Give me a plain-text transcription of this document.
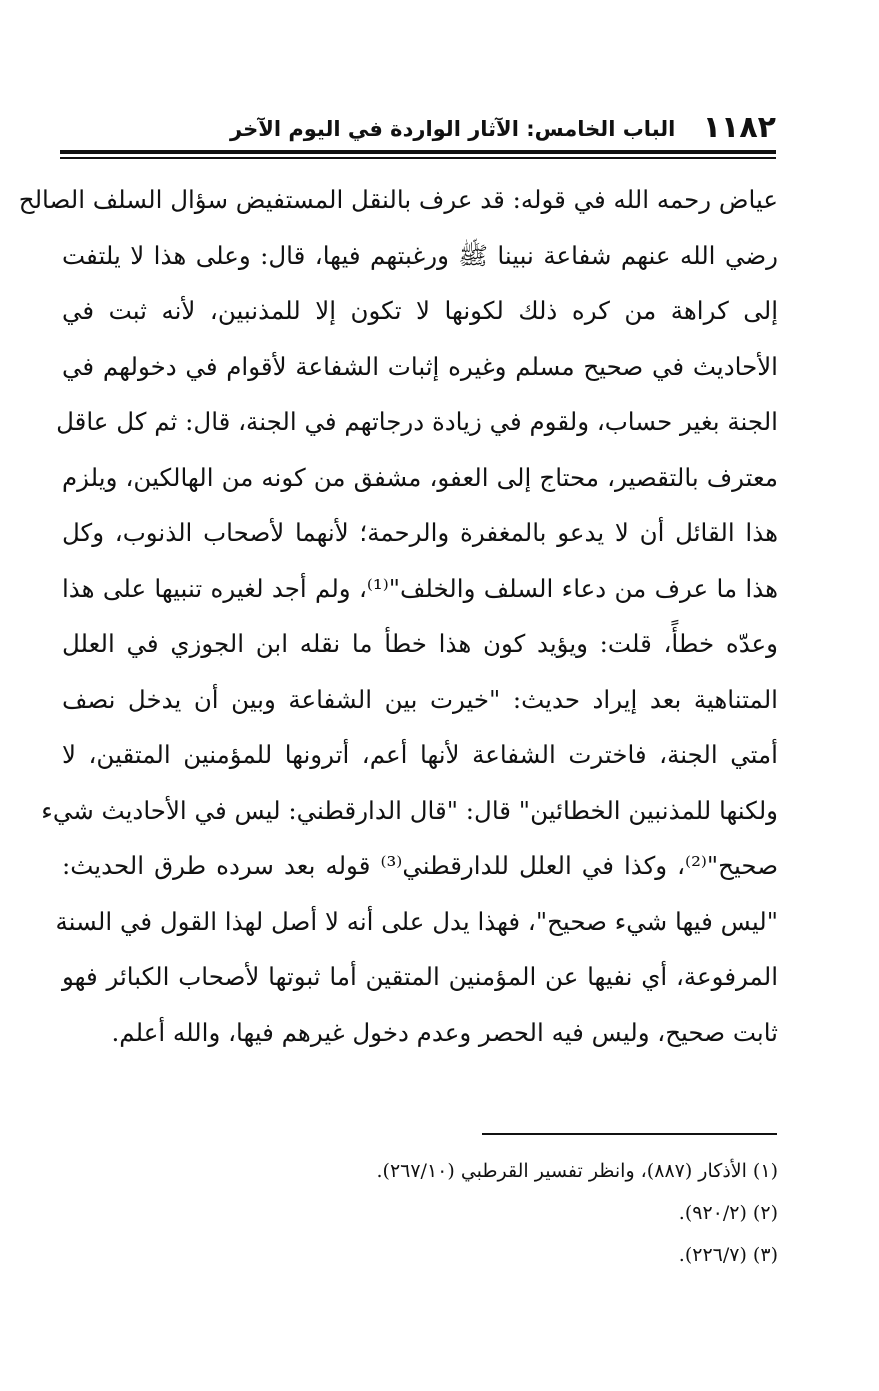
١١٨٢
الباب الخامس: الآثار الواردة في اليوم الآخر
عياض رحمه الله في قوله: قد عرف بالنقل المستفيض سؤال السلف الصالح
رضي الله عنهم شفاعة نبينا ﷺ ورغبتهم فيها، قال: وعلى هذا لا يلتفت
إلى كراهة من كره ذلك لكونها لا تكون إلا للمذنبين، لأنه ثبت في
الأحاديث في صحيح مسلم وغيره إثبات الشفاعة لأقوام في دخولهم في
الجنة بغير حساب، ولقوم في زيادة درجاتهم في الجنة، قال: ثم كل عاقل
معترف بالتقصير، محتاج إلى العفو، مشفق من كونه من الهالكين، ويلزم
هذا القائل أن لا يدعو بالمغفرة والرحمة؛ لأنهما لأصحاب الذنوب، وكل
هذا ما عرف من دعاء السلف والخلف"⁽¹⁾، ولم أجد لغيره تنبيها على هذا
وعدّه خطأً، قلت: ويؤيد كون هذا خطأ ما نقله ابن الجوزي في العلل
المتناهية بعد إيراد حديث: "خيرت بين الشفاعة وبين أن يدخل نصف
أمتي الجنة، فاخترت الشفاعة لأنها أعم، أترونها للمؤمنين المتقين، لا
ولكنها للمذنبين الخطائين" قال: "قال الدارقطني: ليس في الأحاديث شيء
صحيح"⁽²⁾، وكذا في العلل للدارقطني⁽³⁾ قوله بعد سرده طرق الحديث:
"ليس فيها شيء صحيح"، فهذا يدل على أنه لا أصل لهذا القول في السنة
المرفوعة، أي نفيها عن المؤمنين المتقين أما ثبوتها لأصحاب الكبائر فهو
ثابت صحيح، وليس فيه الحصر وعدم دخول غيرهم فيها، والله أعلم.
(١) الأذكار (٨٨٧)، وانظر تفسير القرطبي (٢٦٧/١٠).
(٢) (٩٢٠/٢).
(٣) (٢٢٦/٧).
